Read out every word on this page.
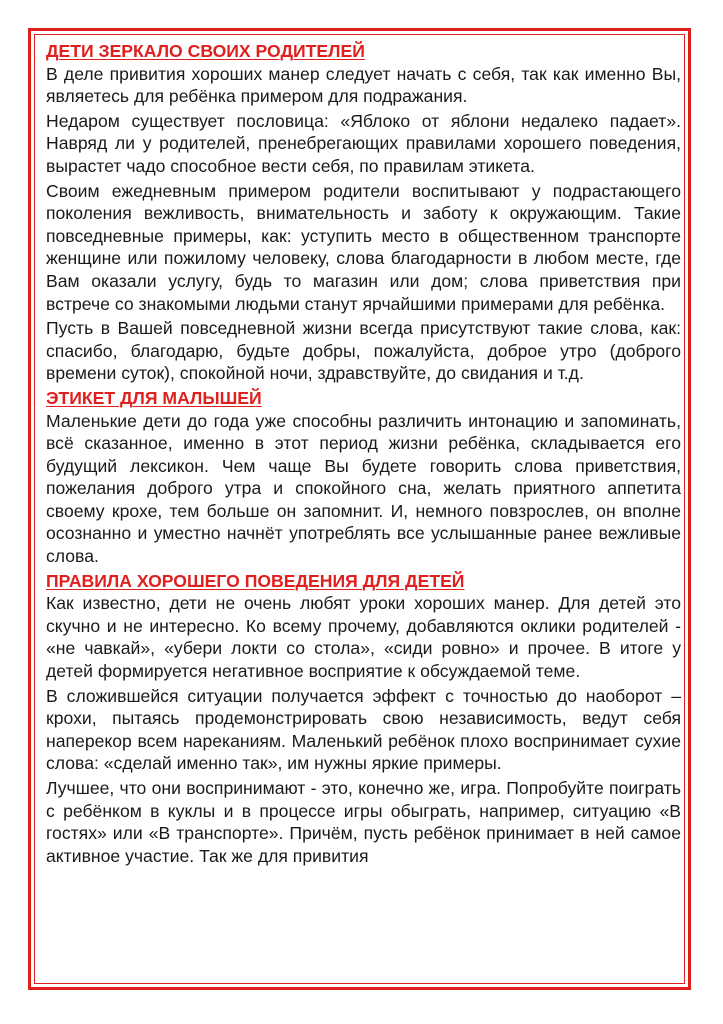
ДЕТИ ЗЕРКАЛО СВОИХ РОДИТЕЛЕЙ

В деле привития хороших манер следует начать с себя, так как именно Вы, являетесь для ребёнка примером для подражания.

Недаром существует пословица: «Яблоко от яблони недалеко падает». Навряд ли у родителей, пренебрегающих правилами хорошего поведения, вырастет чадо способное вести себя, по правилам этикета.

Своим ежедневным примером родители воспитывают у подрастающего поколения вежливость, внимательность и заботу к окружающим. Такие повседневные примеры, как: уступить место в общественном транспорте женщине или пожилому человеку, слова благодарности в любом месте, где Вам оказали услугу, будь то магазин или дом; слова приветствия при встрече со знакомыми людьми станут ярчайшими примерами для ребёнка.

Пусть в Вашей повседневной жизни всегда присутствуют такие слова, как: спасибо, благодарю, будьте добры, пожалуйста, доброе утро (доброго времени суток), спокойной ночи, здравствуйте, до свидания и т.д.

ЭТИКЕТ ДЛЯ МАЛЫШЕЙ

Маленькие дети до года уже способны различить интонацию и запоминать, всё сказанное, именно в этот период жизни ребёнка, складывается его будущий лексикон. Чем чаще Вы будете говорить слова приветствия, пожелания доброго утра и спокойного сна, желать приятного аппетита своему крохе, тем больше он запомнит. И, немного повзрослев, он вполне осознанно и уместно начнёт употреблять все услышанные ранее вежливые слова.

ПРАВИЛА ХОРОШЕГО ПОВЕДЕНИЯ ДЛЯ ДЕТЕЙ

Как известно, дети не очень любят уроки хороших манер. Для детей это скучно и не интересно. Ко всему прочему, добавляются оклики родителей - «не чавкай», «убери локти со стола», «сиди ровно» и прочее. В итоге у детей формируется негативное восприятие к обсуждаемой теме.

В сложившейся ситуации получается эффект с точностью до наоборот – крохи, пытаясь продемонстрировать свою независимость, ведут себя наперекор всем нареканиям. Маленький ребёнок плохо воспринимает сухие слова: «сделай именно так», им нужны яркие примеры.

Лучшее, что они воспринимают - это, конечно же, игра. Попробуйте поиграть с ребёнком в куклы и в процессе игры обыграть, например, ситуацию «В гостях» или «В транспорте». Причём, пусть ребёнок принимает в ней самое активное участие. Так же для привития
